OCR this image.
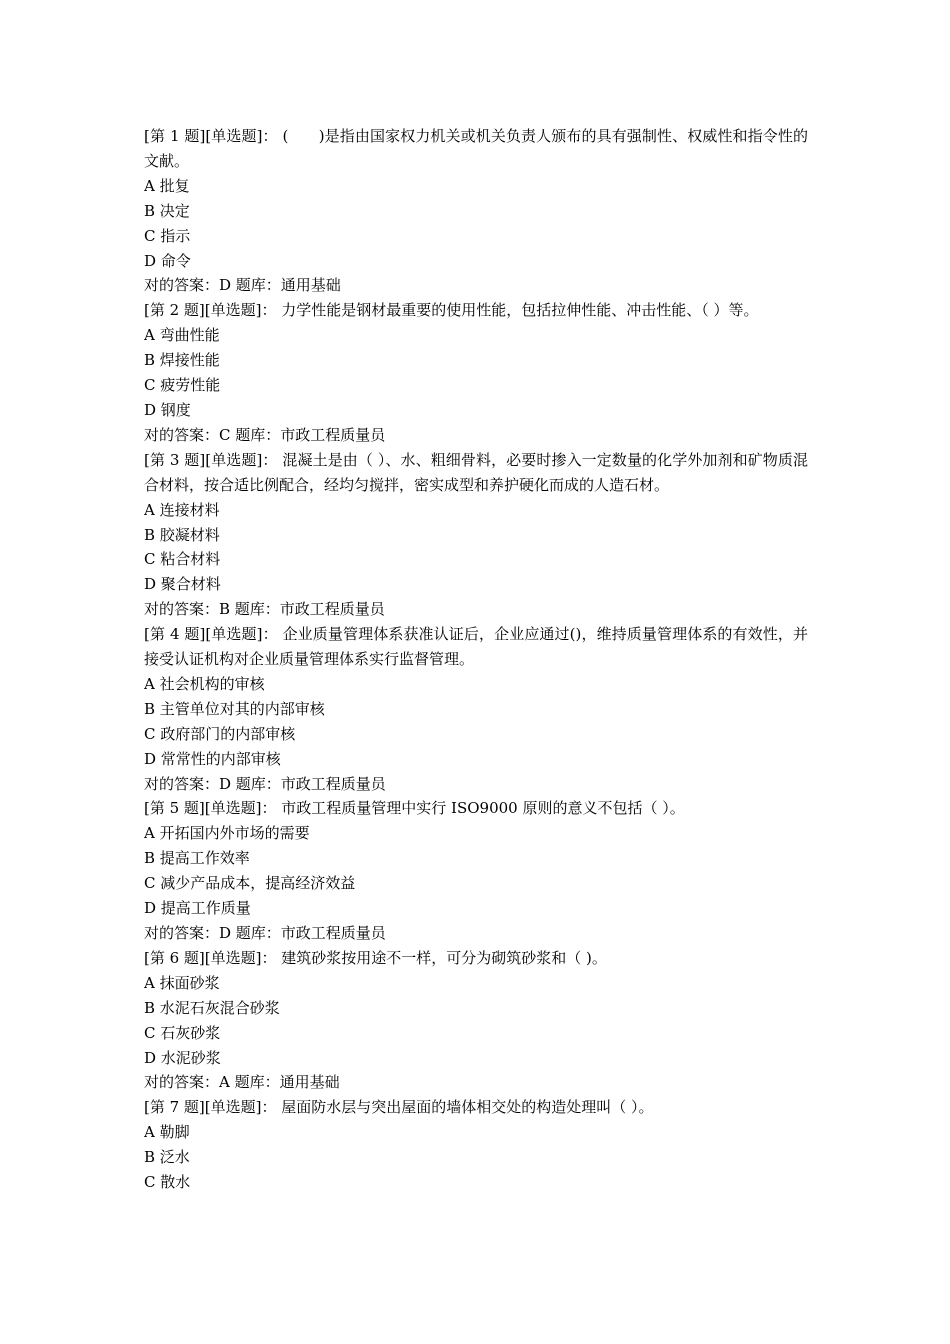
[第 1 题][单选题]： (　　)是指由国家权力机关或机关负责人颁布的具有强制性、权威性和指令性的文献。
A 批复
B 决定
C 指示
D 命令
对的答案：D 题库：通用基础
[第 2 题][单选题]： 力学性能是钢材最重要的使用性能，包括拉伸性能、冲击性能、（ ）等。
A 弯曲性能
B 焊接性能
C 疲劳性能
D 钢度
对的答案：C 题库：市政工程质量员
[第 3 题][单选题]： 混凝土是由（ ）、水、粗细骨料，必要时掺入一定数量的化学外加剂和矿物质混合材料，按合适比例配合，经均匀搅拌，密实成型和养护硬化而成的人造石材。
A 连接材料
B 胶凝材料
C 粘合材料
D 聚合材料
对的答案：B 题库：市政工程质量员
[第 4 题][单选题]： 企业质量管理体系获准认证后，企业应通过()，维持质量管理体系的有效性，并接受认证机构对企业质量管理体系实行监督管理。
A 社会机构的审核
B 主管单位对其的内部审核
C 政府部门的内部审核
D 常常性的内部审核
对的答案：D 题库：市政工程质量员
[第 5 题][单选题]： 市政工程质量管理中实行 ISO9000 原则的意义不包括（ ）。
A 开拓国内外市场的需要
B 提高工作效率
C 减少产品成本，提高经济效益
D 提高工作质量
对的答案：D 题库：市政工程质量员
[第 6 题][单选题]： 建筑砂浆按用途不一样，可分为砌筑砂浆和（ )。
A 抹面砂浆
B 水泥石灰混合砂浆
C 石灰砂浆
D 水泥砂浆
对的答案：A 题库：通用基础
[第 7 题][单选题]： 屋面防水层与突出屋面的墙体相交处的构造处理叫（ ）。
A 勒脚
B 泛水
C 散水
